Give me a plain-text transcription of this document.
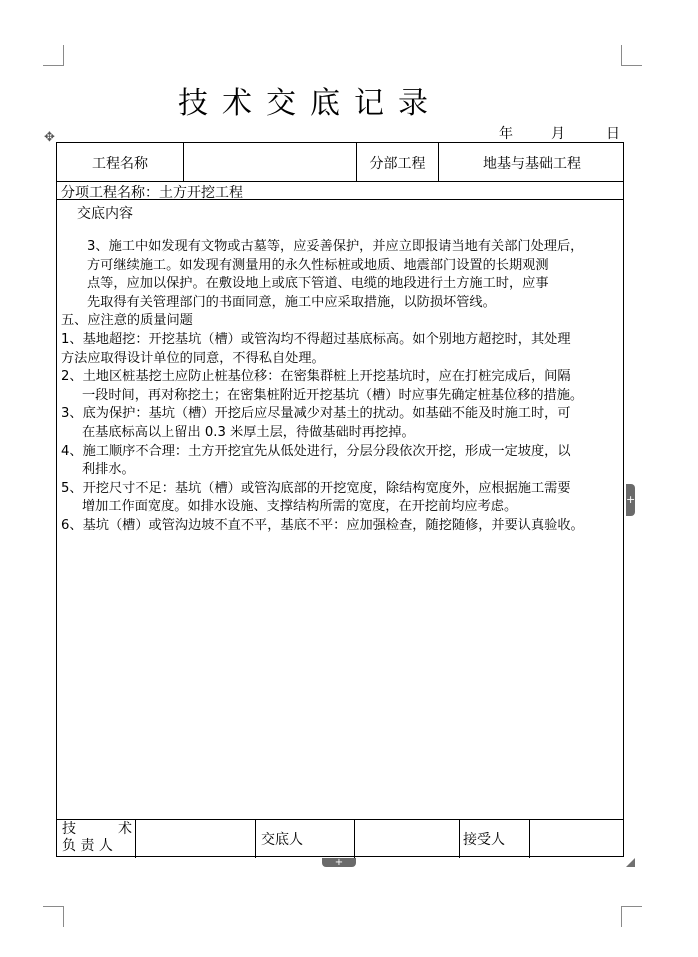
技术交底记录
年	月	日
✥
工程名称	分部工程	地基与基础工程
分项工程名称：土方开挖工程
交底内容
3、施工中如发现有文物或古墓等，应妥善保护，并应立即报请当地有关部门处理后，
方可继续施工。如发现有测量用的永久性标桩或地质、地震部门设置的长期观测
点等，应加以保护。在敷设地上或底下管道、电缆的地段进行土方施工时，应事
先取得有关管理部门的书面同意，施工中应采取措施，以防损坏管线。
五、应注意的质量问题
1、基地超挖：开挖基坑（槽）或管沟均不得超过基底标高。如个别地方超挖时，其处理
方法应取得设计单位的同意，不得私自处理。
2、土地区桩基挖土应防止桩基位移：在密集群桩上开挖基坑时，应在打桩完成后，间隔
一段时间，再对称挖土；在密集桩附近开挖基坑（槽）时应事先确定桩基位移的措施。
3、底为保护：基坑（槽）开挖后应尽量减少对基土的扰动。如基础不能及时施工时，可
在基底标高以上留出 0.3 米厚土层，待做基础时再挖掉。
4、施工顺序不合理：土方开挖宜先从低处进行，分层分段依次开挖，形成一定坡度，以
利排水。
5、开挖尺寸不足：基坑（槽）或管沟底部的开挖宽度，除结构宽度外，应根据施工需要
增加工作面宽度。如排水设施、支撑结构所需的宽度，在开挖前均应考虑。
6、基坑（槽）或管沟边坡不直不平，基底不平：应加强检查，随挖随修，并要认真验收。
技　　　术
负 责 人	交底人	接受人
+
+
